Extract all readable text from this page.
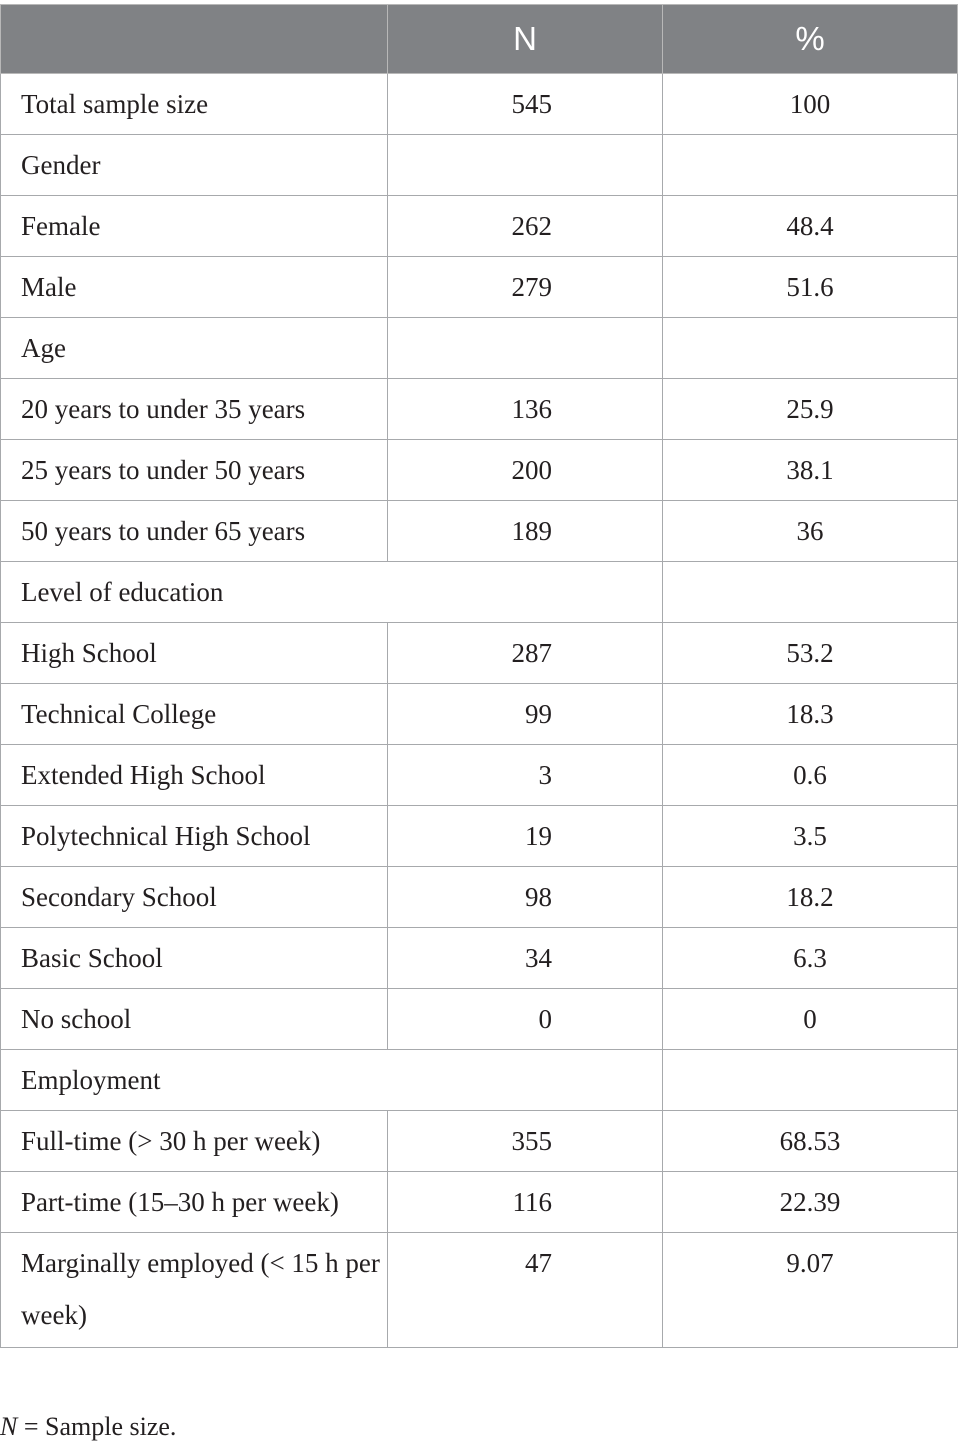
	N	%
Total sample size	545	100
Gender		
Female	262	48.4
Male	279	51.6
Age		
20 years to under 35 years	136	25.9
25 years to under 50 years	200	38.1
50 years to under 65 years	189	36
Level of education		
High School	287	53.2
Technical College	99	18.3
Extended High School	3	0.6
Polytechnical High School	19	3.5
Secondary School	98	18.2
Basic School	34	6.3
No school	0	0
Employment		
Full-time (> 30 h per week)	355	68.53
Part-time (15–30 h per week)	116	22.39
Marginally employed (< 15 h per week)	47	9.07
N = Sample size.
